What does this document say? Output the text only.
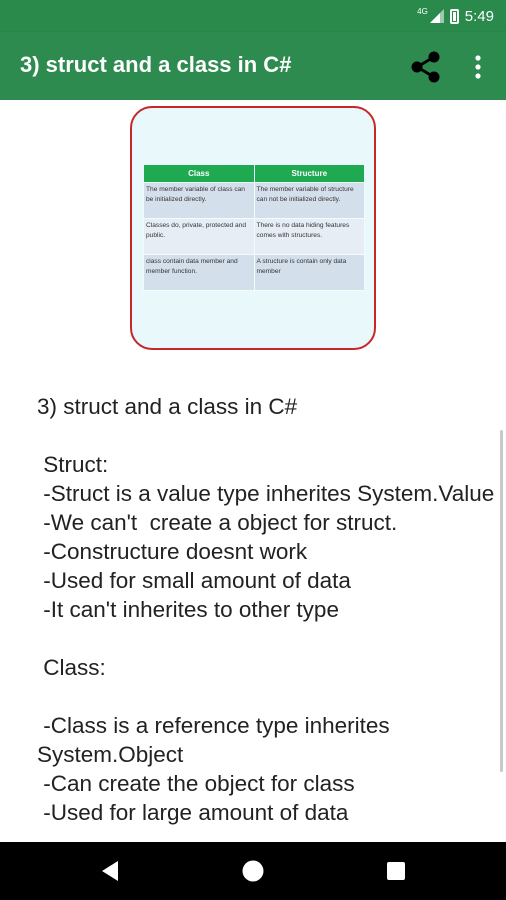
4G 5:49
3) struct and a class in C#
Class	Structure
The member variable of class can be initialized directly.	The member variable of structure can not be initialized directly.
Classes do, private, protected and public.	There is no data hiding features comes with structures.
class contain data member and member function.	A structure is contain only data member
3) struct and a class in C#

Struct:
-Struct is a value type inherites System.Value
-We can't  create a object for struct.
-Constructure doesnt work
-Used for small amount of data
-It can't inherites to other type

Class:

-Class is a reference type inherites System.Object
-Can create the object for class
-Used for large amount of data
